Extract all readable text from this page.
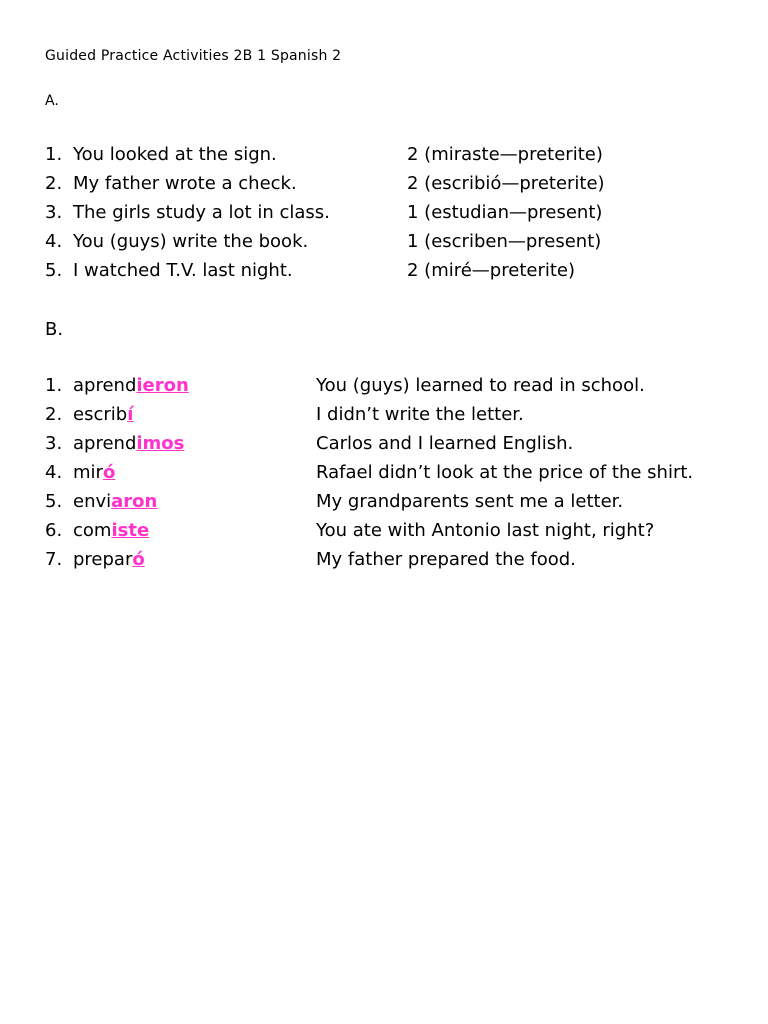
Guided Practice Activities 2B 1 Spanish 2
A.
1. You looked at the sign.	2 (miraste—preterite)
2. My father wrote a check.	2 (escribió—preterite)
3. The girls study a lot in class.	1 (estudian—present)
4. You (guys) write the book.	1 (escriben—present)
5. I watched T.V. last night.	2 (miré—preterite)
B.
1. aprendieron	You (guys) learned to read in school.
2. escribí	I didn’t write the letter.
3. aprendimos	Carlos and I learned English.
4. miró	Rafael didn’t look at the price of the shirt.
5. enviaron	My grandparents sent me a letter.
6. comiste	You ate with Antonio last night, right?
7. preparó	My father prepared the food.
